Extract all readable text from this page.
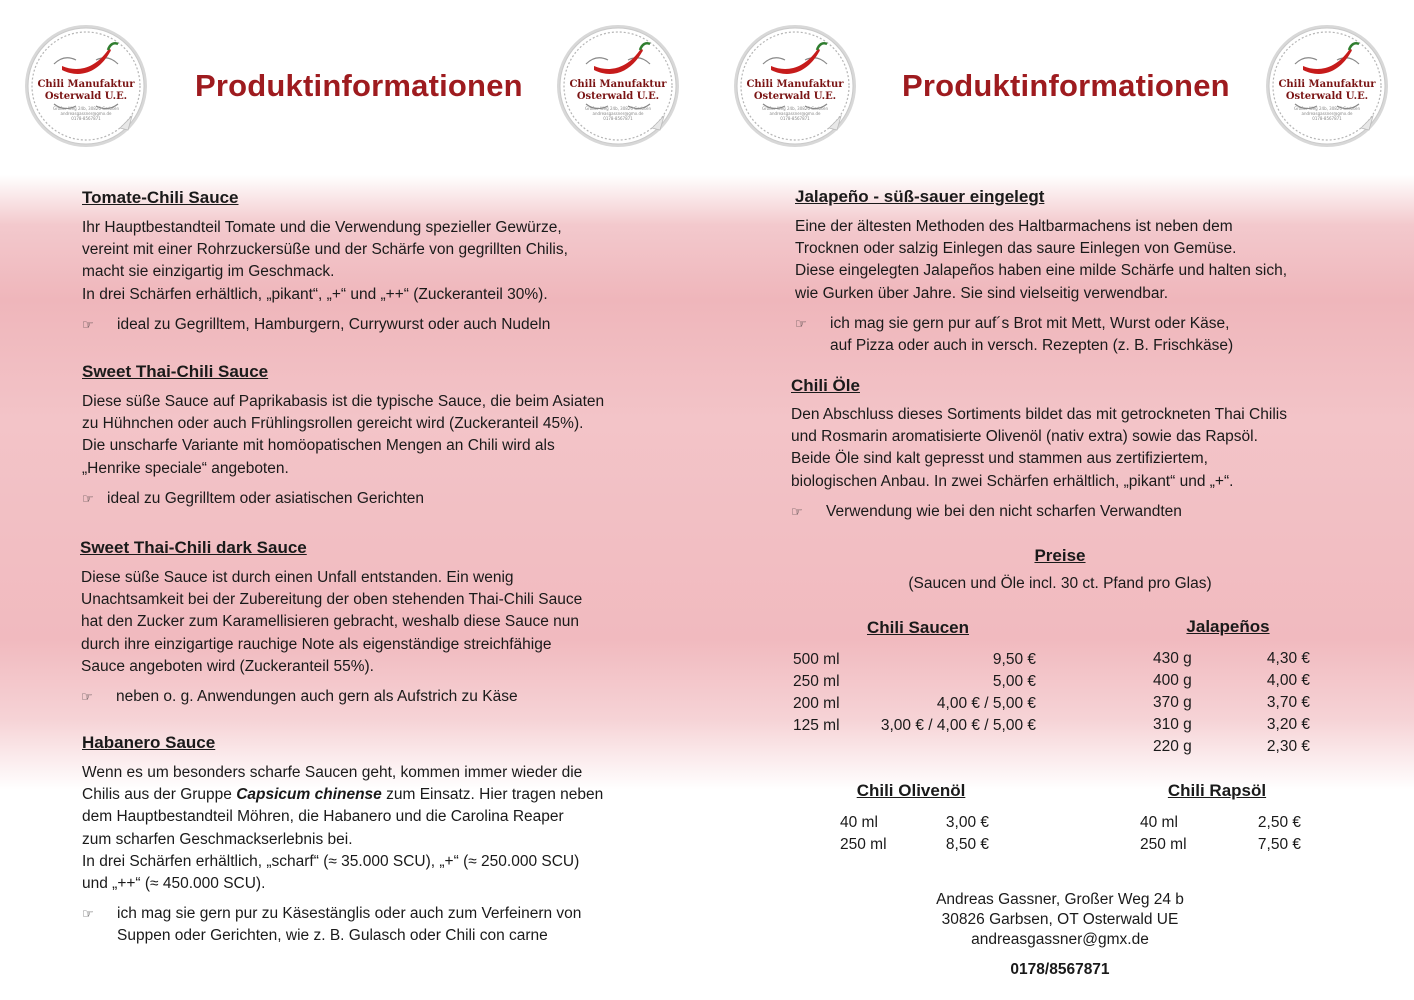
Chili Manufaktur
Osterwald U.E.
Großer Weg 24b, 30826 Garbsen
andreasgassner@gmx.de
0178-8567871
Chili Manufaktur
Osterwald U.E.
Großer Weg 24b, 30826 Garbsen
andreasgassner@gmx.de
0178-8567871
Chili Manufaktur
Osterwald U.E.
Großer Weg 24b, 30826 Garbsen
andreasgassner@gmx.de
0178-8567871
Chili Manufaktur
Osterwald U.E.
Großer Weg 24b, 30826 Garbsen
andreasgassner@gmx.de
0178-8567871
Produktinformationen	Produktinformationen
Tomate-Chili Sauce
Ihr Hauptbestandteil Tomate und die Verwendung spezieller Gewürze,
vereint mit einer Rohrzuckersüße und der Schärfe von gegrillten Chilis,
macht sie einzigartig im Geschmack.
In drei Schärfen erhältlich, „pikant“, „+“ und „++“ (Zuckeranteil 30%).
☞	ideal zu Gegrilltem, Hamburgern, Currywurst oder auch Nudeln
Sweet Thai-Chili Sauce
Diese süße Sauce auf Paprikabasis ist die typische Sauce, die beim Asiaten
zu Hühnchen oder auch Frühlingsrollen gereicht wird (Zuckeranteil 45%).
Die unscharfe Variante mit homöopatischen Mengen an Chili wird als
„Henrike speciale“ angeboten.
☞ ideal zu Gegrilltem oder asiatischen Gerichten
Sweet Thai-Chili dark Sauce
Diese süße Sauce ist durch einen Unfall entstanden. Ein wenig
Unachtsamkeit bei der Zubereitung der oben stehenden Thai-Chili Sauce
hat den Zucker zum Karamellisieren gebracht, weshalb diese Sauce nun
durch ihre einzigartige rauchige Note als eigenständige streichfähige
Sauce angeboten wird (Zuckeranteil 55%).
☞	neben o. g. Anwendungen auch gern als Aufstrich zu Käse
Habanero Sauce
Wenn es um besonders scharfe Saucen geht, kommen immer wieder die
Chilis aus der Gruppe Capsicum chinense zum Einsatz. Hier tragen neben
dem Hauptbestandteil Möhren, die Habanero und die Carolina Reaper
zum scharfen Geschmackserlebnis bei.
In drei Schärfen erhältlich, „scharf“ (≈ 35.000 SCU), „+“ (≈ 250.000 SCU)
und „++“ (≈ 450.000 SCU).
☞ ich mag sie gern pur zu Käsestänglis oder auch zum Verfeinern von
Suppen oder Gerichten, wie z. B. Gulasch oder Chili con carne
Jalapeño - süß-sauer eingelegt
Eine der ältesten Methoden des Haltbarmachens ist neben dem
Trocknen oder salzig Einlegen das saure Einlegen von Gemüse.
Diese eingelegten Jalapeños haben eine milde Schärfe und halten sich,
wie Gurken über Jahre. Sie sind vielseitig verwendbar.
☞ ich mag sie gern pur auf´s Brot mit Mett, Wurst oder Käse,
auf Pizza oder auch in versch. Rezepten (z. B. Frischkäse)
Chili Öle
Den Abschluss dieses Sortiments bildet das mit getrockneten Thai Chilis
und Rosmarin aromatisierte Olivenöl (nativ extra) sowie das Rapsöl.
Beide Öle sind kalt gepresst und stammen aus zertifiziertem,
biologischen Anbau. In zwei Schärfen erhältlich, „pikant“ und „+“.
☞	Verwendung wie bei den nicht scharfen Verwandten
Preise
(Saucen und Öle incl. 30 ct. Pfand pro Glas)
Chili Saucen	Jalapeños
Chili Olivenöl	Chili Rapsöl
500 ml	9,50 €
250 ml	5,00 €
200 ml	4,00 € / 5,00 €
125 ml	3,00 € / 4,00 € / 5,00 €
430 g	4,30 €
400 g	4,00 €
370 g	3,70 €
310 g	3,20 €
220 g	2,30 €
40 ml	3,00 €
250 ml	8,50 €
40 ml	2,50 €
250 ml	7,50 €
Andreas Gassner, Großer Weg 24 b
30826 Garbsen, OT Osterwald UE
andreasgassner@gmx.de
0178/8567871
